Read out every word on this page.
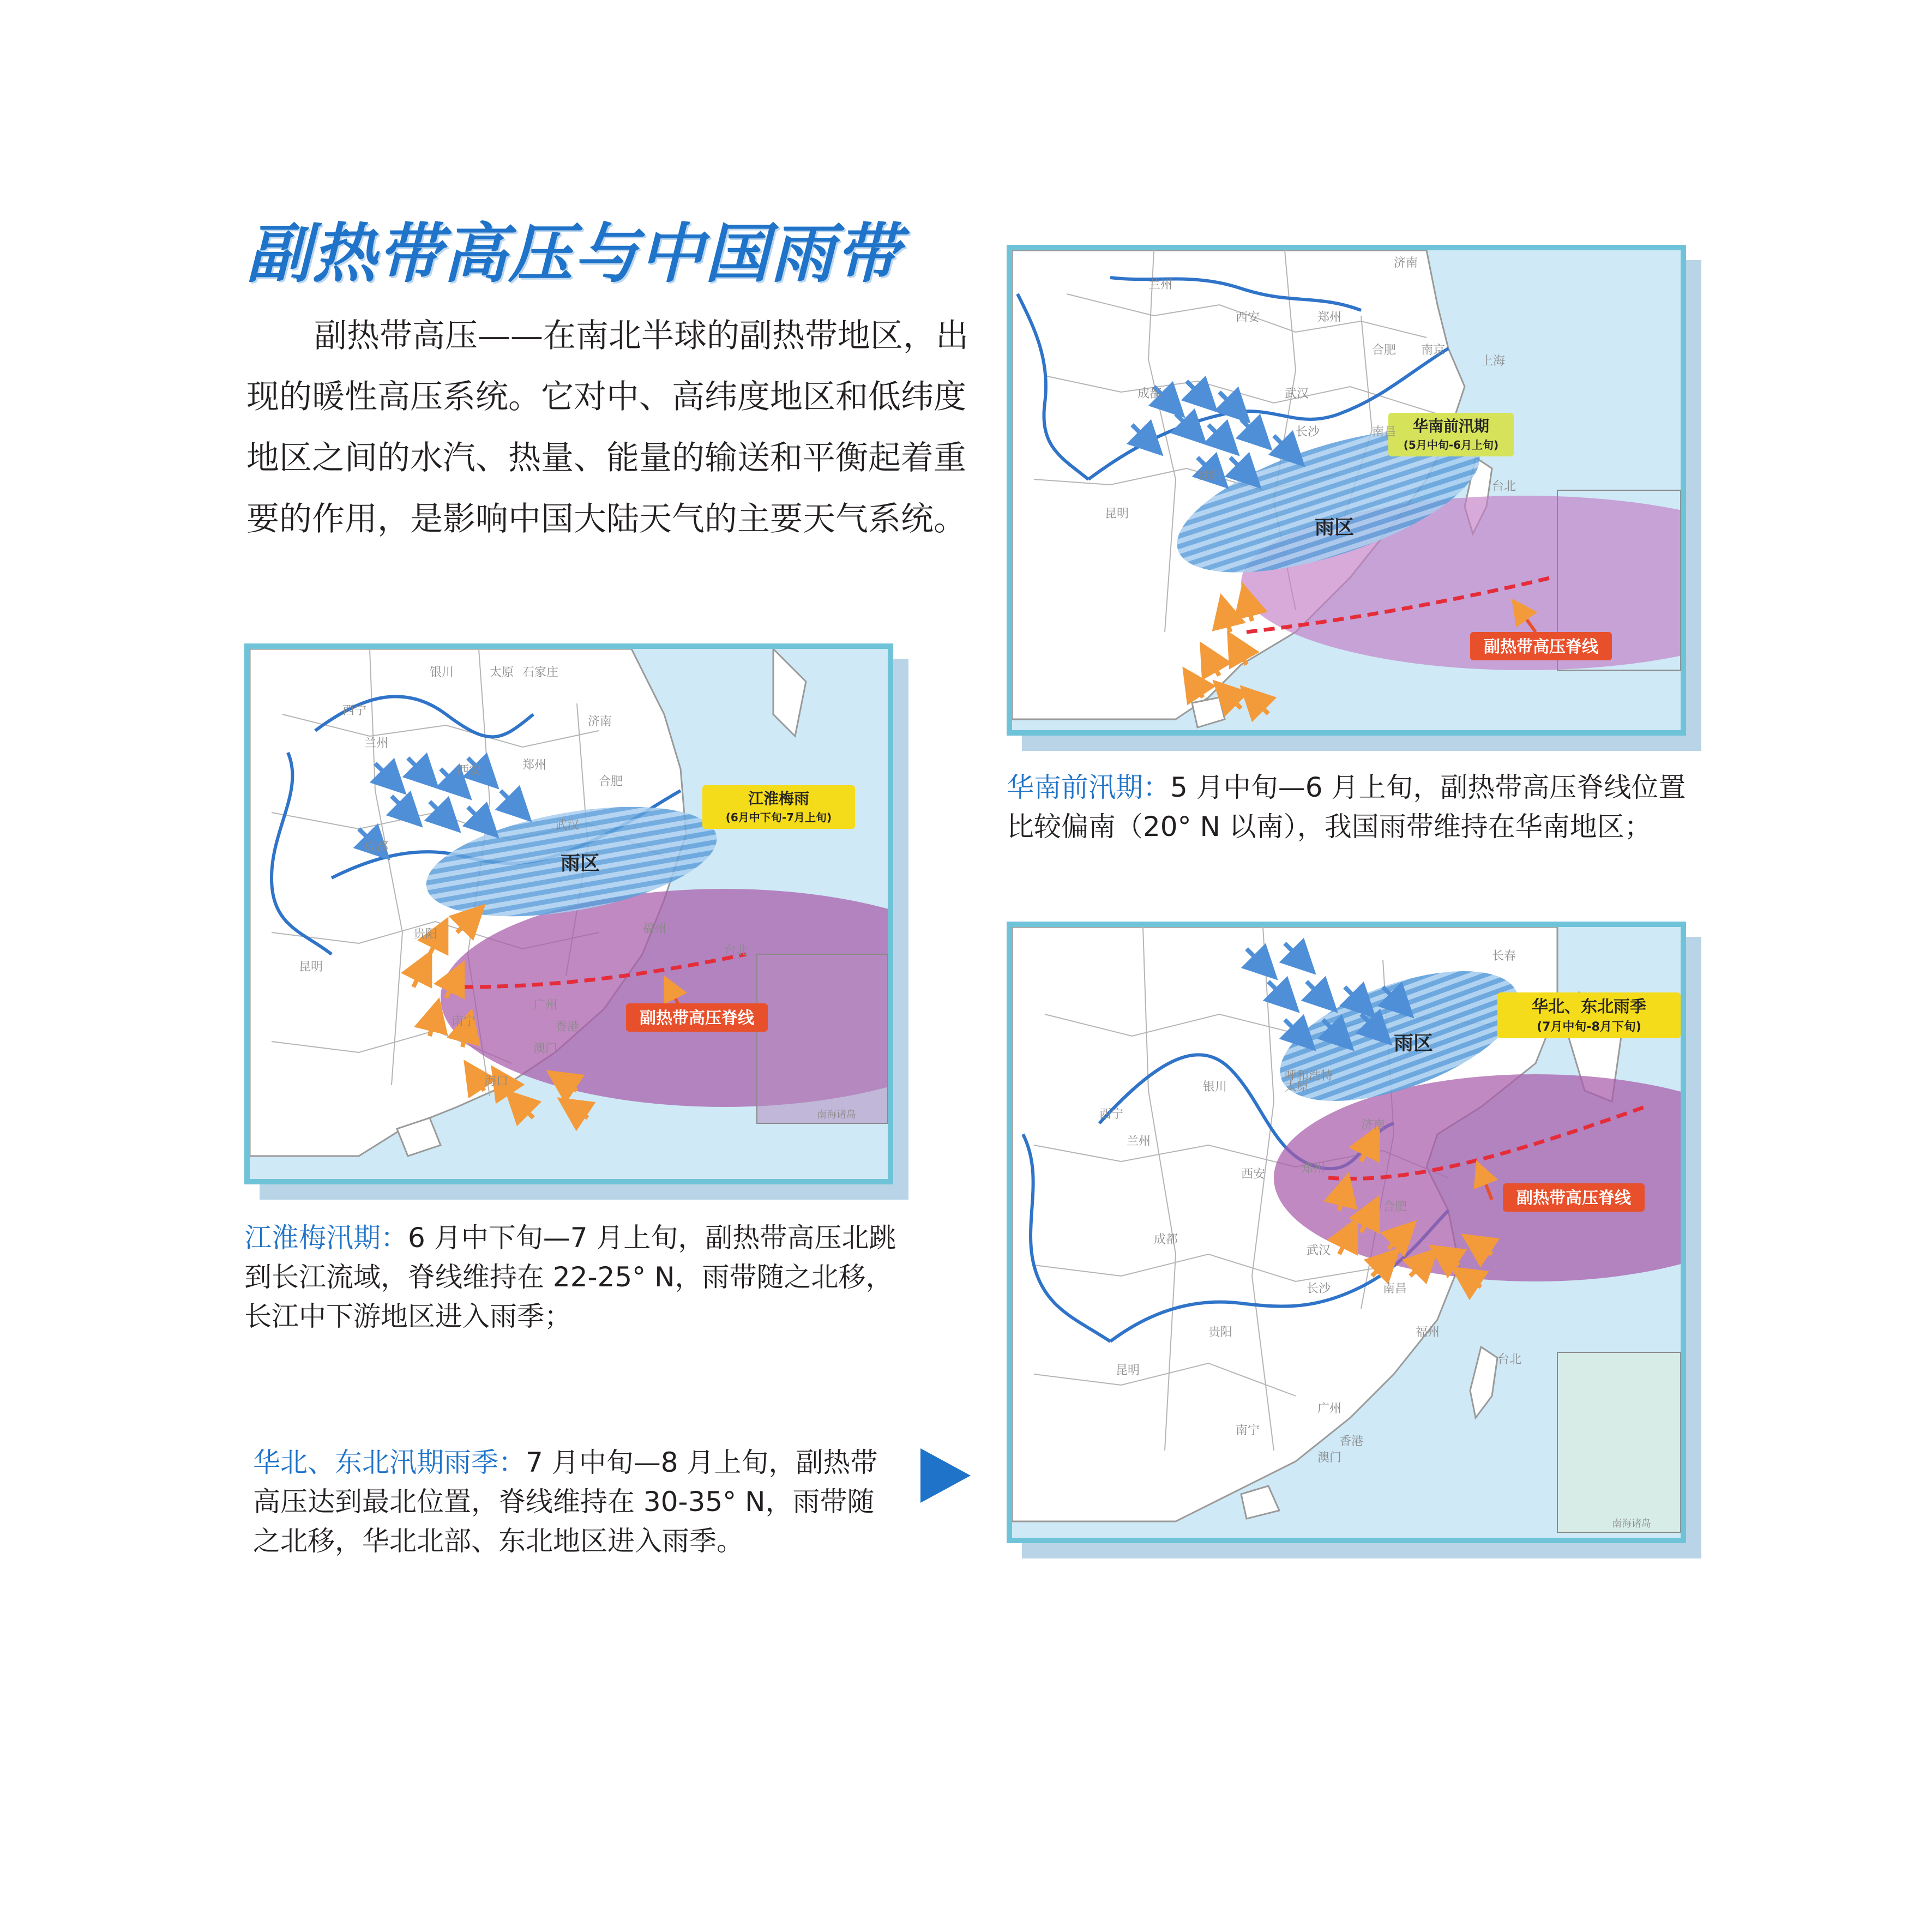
副热带高压与中国雨带

副热带高压——在南北半球的副热带地区，出现的暖性高压系统。它对中、高纬度地区和低纬度地区之间的水汽、热量、能量的输送和平衡起着重要的作用，是影响中国大陆天气的主要天气系统。	雨区
副热带高压脊线
华南前汛期
(5月中旬-6月上旬)
兰州
西安	郑州
济南
合肥 南京
上海
成都	武汉
长沙	南昌
贵阳
昆明
台北

华南前汛期：5 月中旬—6 月上旬，副热带高压脊线位置比较偏南（20° N 以南），我国雨带维持在华南地区；

南海诸岛
雨区
副热带高压脊线
江淮梅雨
(6月中下旬-7月上旬)
银川	太原 石家庄
西宁
兰州
济南
西安	郑州
合肥
成都
武汉
贵阳
昆明
福州
台北
广州
南宁	香港
澳门
海口

江淮梅汛期：6 月中下旬—7 月上旬，副热带高压北跳到长江流域，脊线维持在 22-25° N，雨带随之北移，长江中下游地区进入雨季；

南海诸岛
雨区
副热带高压脊线
华北、东北雨季
(7月中旬-8月下旬)
长春
呼和浩特
银川	太原
西宁
兰州
济南
郑州
西安
合肥
成都
武汉
长沙	南昌
贵阳	福州
昆明
台北
广州
南宁
香港
澳门

华北、东北汛期雨季：7 月中旬—8 月上旬，副热带高压达到最北位置，脊线维持在 30-35° N，雨带随之北移，华北北部、东北地区进入雨季。
